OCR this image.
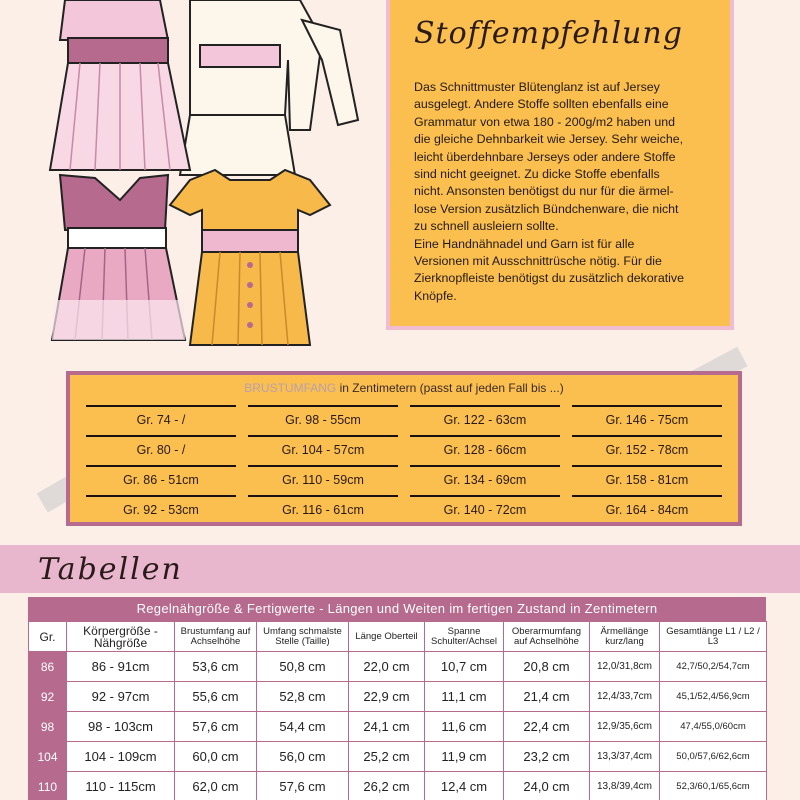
Stoffempfehlung

Das Schnittmuster Blütenglanz ist auf Jersey

ausgelegt. Andere Stoffe sollten ebenfalls eine

Grammatur von etwa 180 - 200g/m2 haben und

die gleiche Dehnbarkeit wie Jersey. Sehr weiche,

leicht überdehnbare Jerseys oder andere Stoffe

sind nicht geeignet. Zu dicke Stoffe ebenfalls

nicht. Ansonsten benötigst du nur für die ärmel-

lose Version zusätzlich Bündchenware, die nicht

zu schnell ausleiern sollte.

Eine Handnähnadel und Garn ist für alle

Versionen mit Ausschnittrüsche nötig. Für die

Zierknopfleiste benötigst du zusätzlich dekorative

Knöpfe.

BRUSTUMFANG in Zentimetern (passt auf jeden Fall bis ...)
Gr. 74 - /	Gr. 98 - 55cm	Gr. 122 - 63cm	Gr. 146 - 75cm
Gr. 80 - /	Gr. 104 - 57cm	Gr. 128 - 66cm	Gr. 152 - 78cm
Gr. 86 - 51cm	Gr. 110 - 59cm	Gr. 134 - 69cm	Gr. 158 - 81cm
Gr. 92 - 53cm	Gr. 116 - 61cm	Gr. 140 - 72cm	Gr. 164 - 84cm
Tabellen
Regelnähgröße & Fertigwerte - Längen und Weiten im fertigen Zustand in Zentimetern
Gr.	Körpergröße - Nähgröße	Brustumfang auf Achselhöhe	Umfang schmalste Stelle (Taille)	Länge Oberteil	Spanne Schulter/Achsel	Oberarmumfang auf Achselhöhe	Ärmellänge kurz/lang	Gesamtlänge L1 / L2 / L3
86	86 - 91cm	53,6 cm	50,8 cm	22,0 cm	10,7 cm	20,8 cm	12,0/31,8cm	42,7/50,2/54,7cm
92	92 - 97cm	55,6 cm	52,8 cm	22,9 cm	11,1 cm	21,4 cm	12,4/33,7cm	45,1/52,4/56,9cm
98	98 - 103cm	57,6 cm	54,4 cm	24,1 cm	11,6 cm	22,4 cm	12,9/35,6cm	47,4/55,0/60cm
104	104 - 109cm	60,0 cm	56,0 cm	25,2 cm	11,9 cm	23,2 cm	13,3/37,4cm	50,0/57,6/62,6cm
110	110 - 115cm	62,0 cm	57,6 cm	26,2 cm	12,4 cm	24,0 cm	13,8/39,4cm	52,3/60,1/65,6cm
